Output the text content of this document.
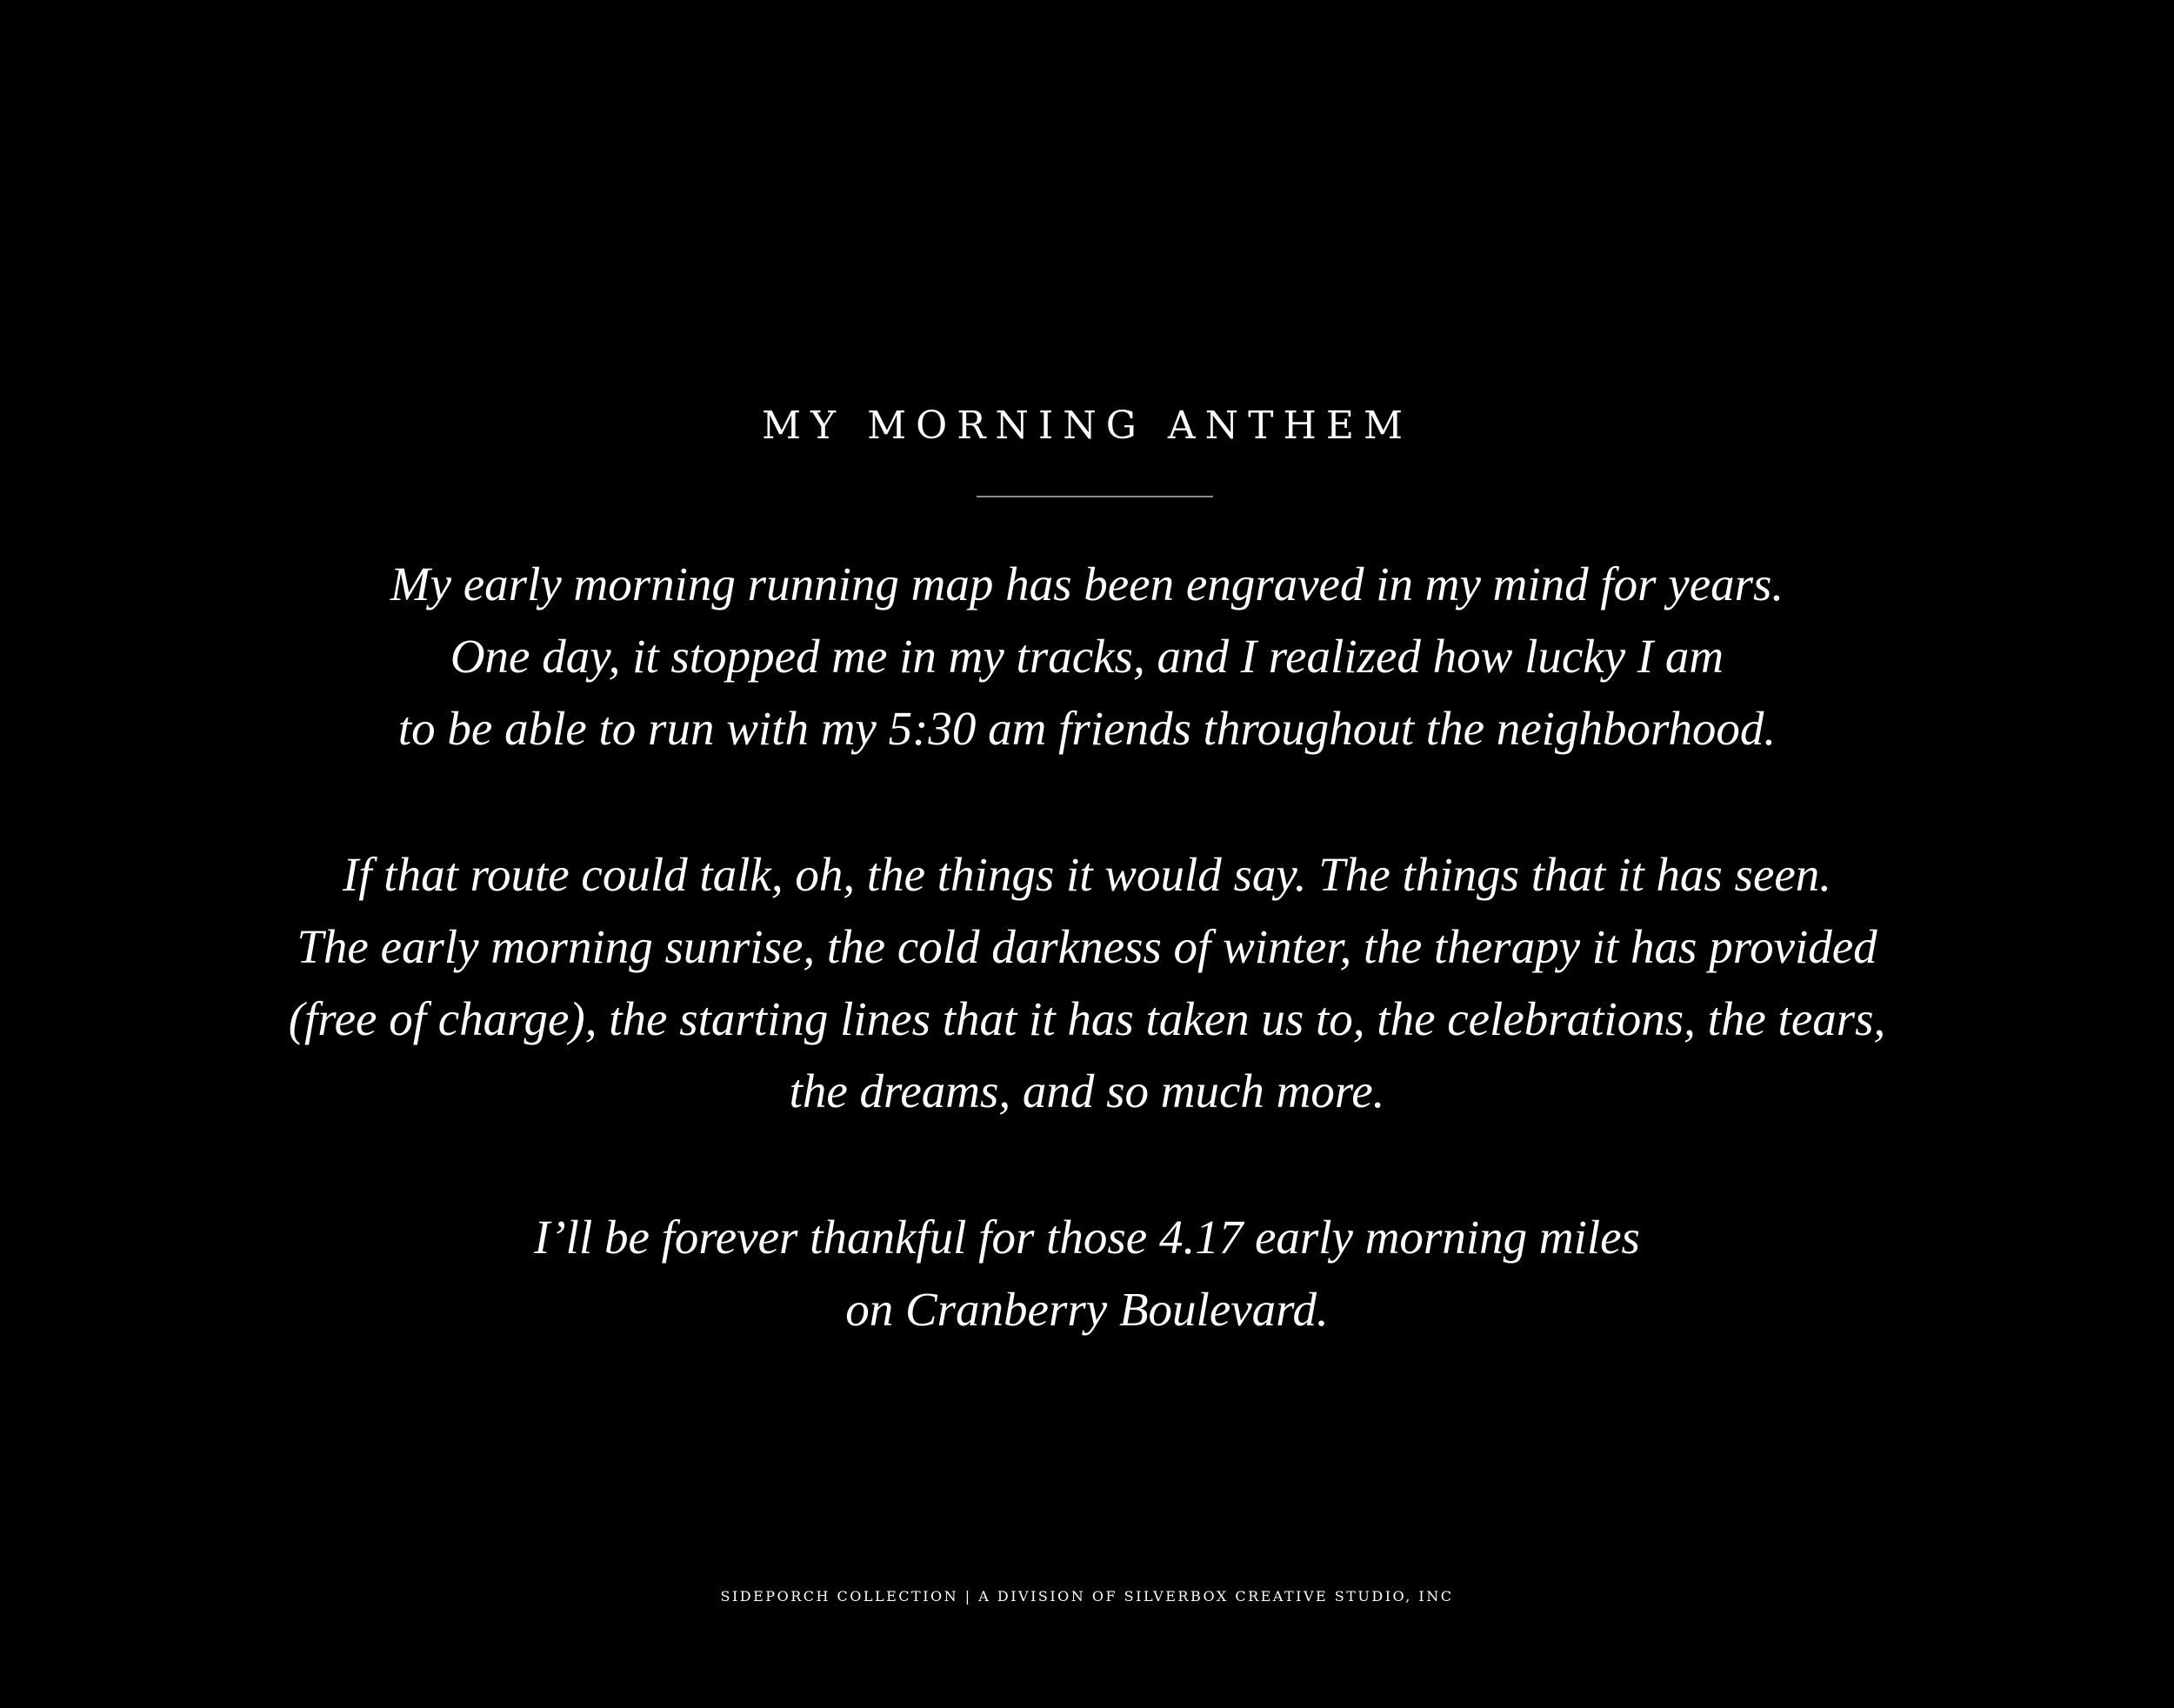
MY MORNING ANTHEM

My early morning running map has been engraved in my mind for years.
One day, it stopped me in my tracks, and I realized how lucky I am
to be able to run with my 5:30 am friends throughout the neighborhood.

If that route could talk, oh, the things it would say. The things that it has seen.
The early morning sunrise, the cold darkness of winter, the therapy it has provided
(free of charge), the starting lines that it has taken us to, the celebrations, the tears,
the dreams, and so much more.

I’ll be forever thankful for those 4.17 early morning miles
on Cranberry Boulevard.

SIDEPORCH COLLECTION | A DIVISION OF SILVERBOX CREATIVE STUDIO, INC
